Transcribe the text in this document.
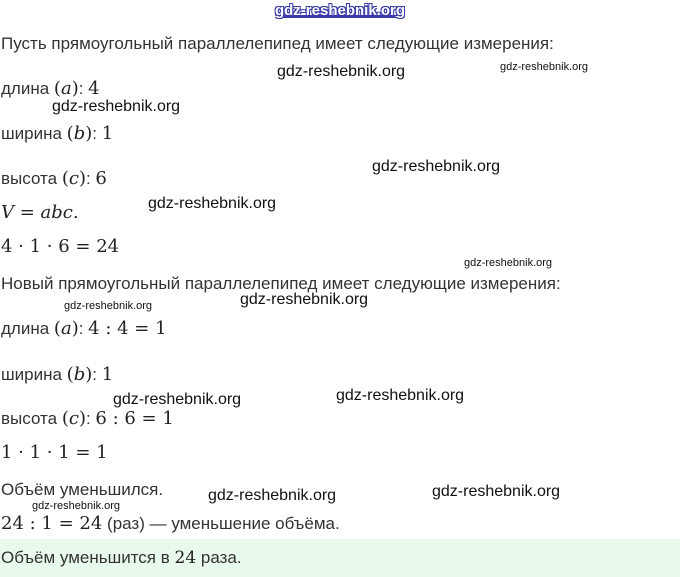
gdz-reshebnik.org
Пусть прямоугольный параллелепипед имеет следующие измерения:
длина (a): 4
ширина (b): 1
высота (c): 6
V = abc.
4 · 1 · 6 = 24
Новый прямоугольный параллелепипед имеет следующие измерения:
длина (a): 4 : 4 = 1
ширина (b): 1
высота (c): 6 : 6 = 1
1 · 1 · 1 = 1
Объём уменьшился.
24 : 1 = 24 (раз) — уменьшение объёма.
Объём уменьшится в 24 раза.
gdz-reshebnik.org	gdz-reshebnik.org
gdz-reshebnik.org
gdz-reshebnik.org
gdz-reshebnik.org
gdz-reshebnik.org
gdz-reshebnik.org	gdz-reshebnik.org
gdz-reshebnik.org	gdz-reshebnik.org
gdz-reshebnik.org	gdz-reshebnik.org
gdz-reshebnik.org
